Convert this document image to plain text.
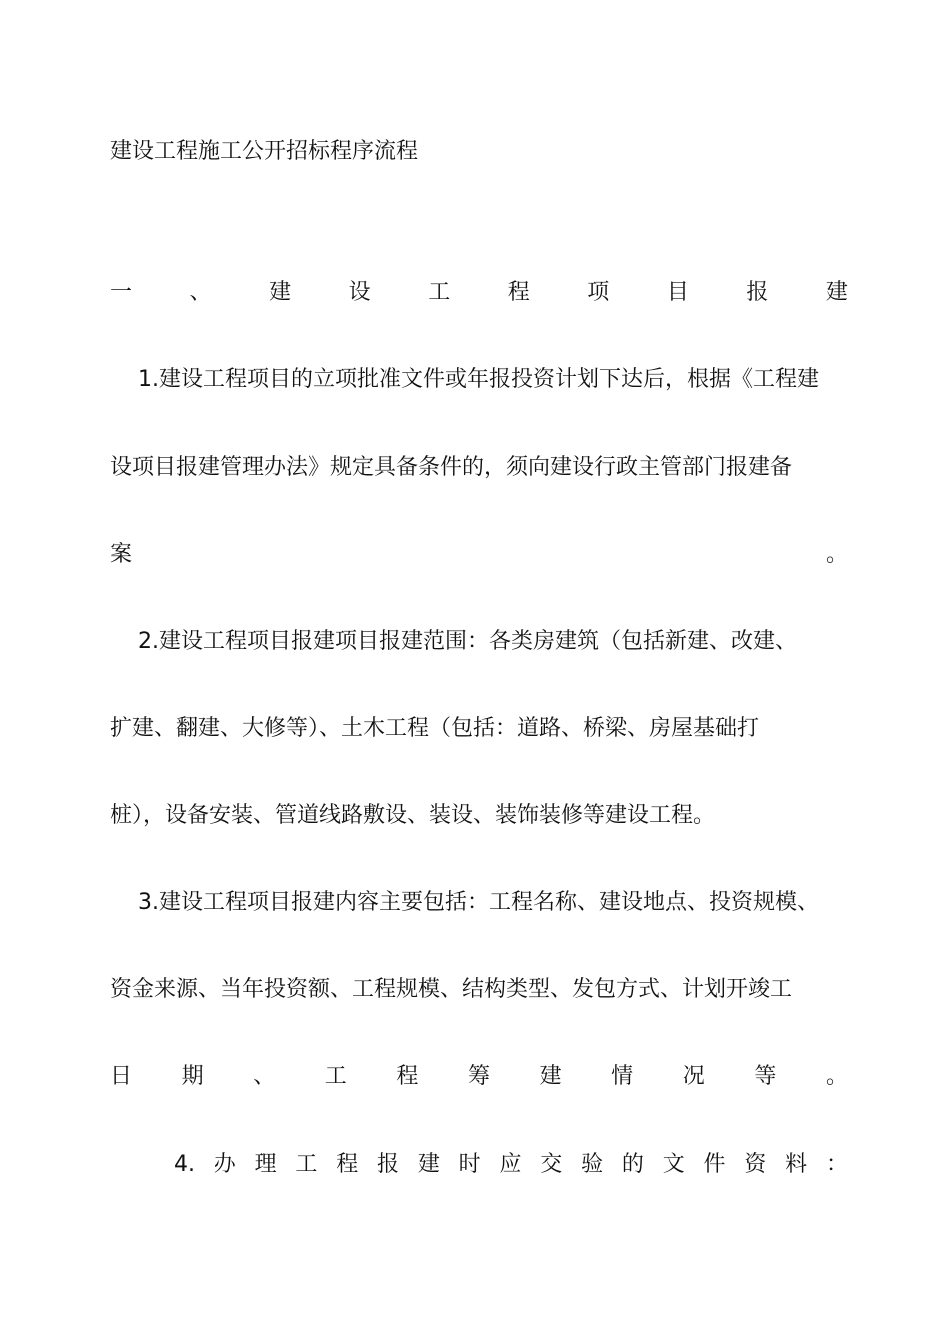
建设工程施工公开招标程序流程
一	、	建	设	工	程	项	目	报	建
1.建设工程项目的立项批准文件或年报投资计划下达后，根据《工程建
设项目报建管理办法》规定具备条件的，须向建设行政主管部门报建备
案	。
2.建设工程项目报建项目报建范围：各类房建筑（包括新建、改建、
扩建、翻建、大修等）、土木工程（包括：道路、桥梁、房屋基础打
桩），设备安装、管道线路敷设、装设、装饰装修等建设工程。
3.建设工程项目报建内容主要包括：工程名称、建设地点、投资规模、
资金来源、当年投资额、工程规模、结构类型、发包方式、计划开竣工
日 期 、 工 程 筹 建 情 况 等 。
4. 办 理 工 程 报 建 时 应 交 验 的 文 件 资 料 ：
